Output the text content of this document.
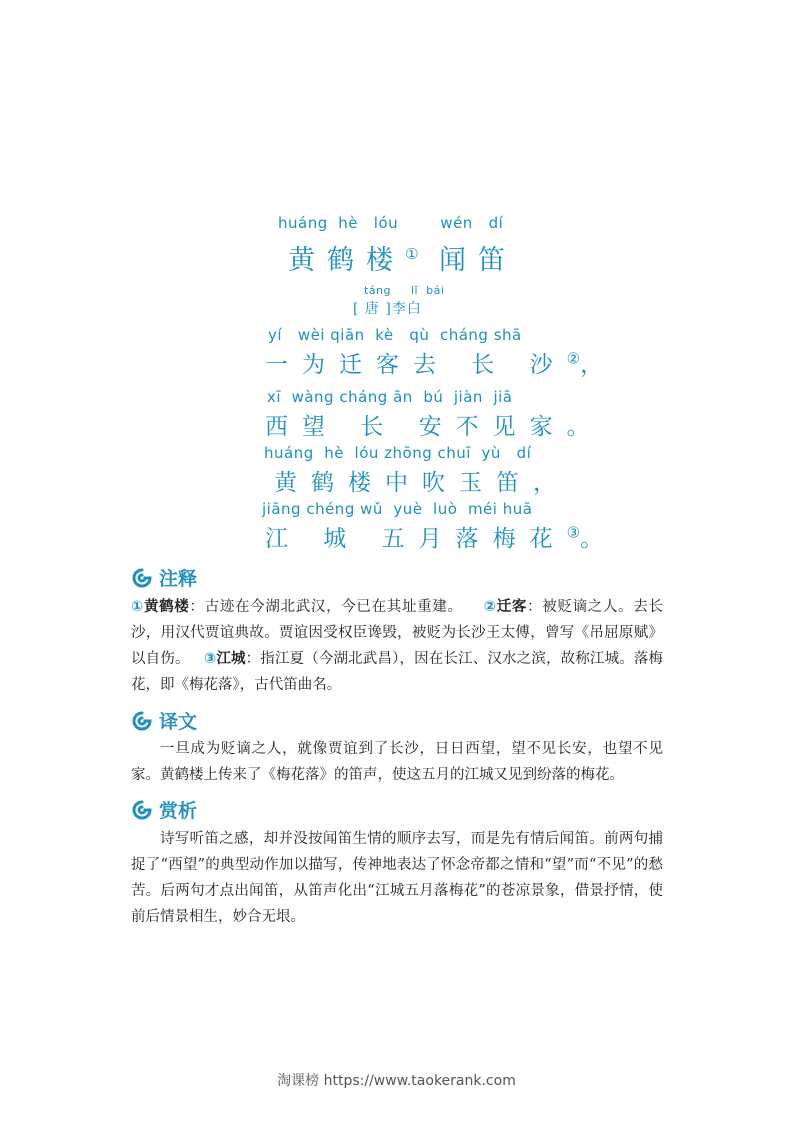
huáng  hè   lóu        wén   dí
黄鹤楼① 闻笛
táng     lǐ  bái
[ 唐 ]李白
yí   wèi qiān  kè   qù  cháng shā
一为迁客去 长 沙②，
xī  wàng cháng ān  bú  jiàn  jiā
西望 长 安不见家。
huáng  hè  lóu zhōng chuī  yù   dí
黄鹤楼中吹玉笛，
jiāng chéng wǔ  yuè  luò  méi huā
江 城 五月落梅花③。
注释
①黄鹤楼：古迹在今湖北武汉，今已在其址重建。 ②迁客：被贬谪之人。去长沙，用汉代贾谊典故。贾谊因受权臣谗毁，被贬为长沙王太傅，曾写《吊屈原赋》以自伤。 ③江城：指江夏（今湖北武昌），因在长江、汉水之滨，故称江城。落梅花，即《梅花落》，古代笛曲名。
译文
一旦成为贬谪之人，就像贾谊到了长沙，日日西望，望不见长安，也望不见家。黄鹤楼上传来了《梅花落》的笛声，使这五月的江城又见到纷落的梅花。
赏析
诗写听笛之感，却并没按闻笛生情的顺序去写，而是先有情后闻笛。前两句捕捉了“西望”的典型动作加以描写，传神地表达了怀念帝都之情和“望”而“不见”的愁苦。后两句才点出闻笛，从笛声化出“江城五月落梅花”的苍凉景象，借景抒情，使前后情景相生，妙合无垠。
淘课榜 https://www.taokerank.com
